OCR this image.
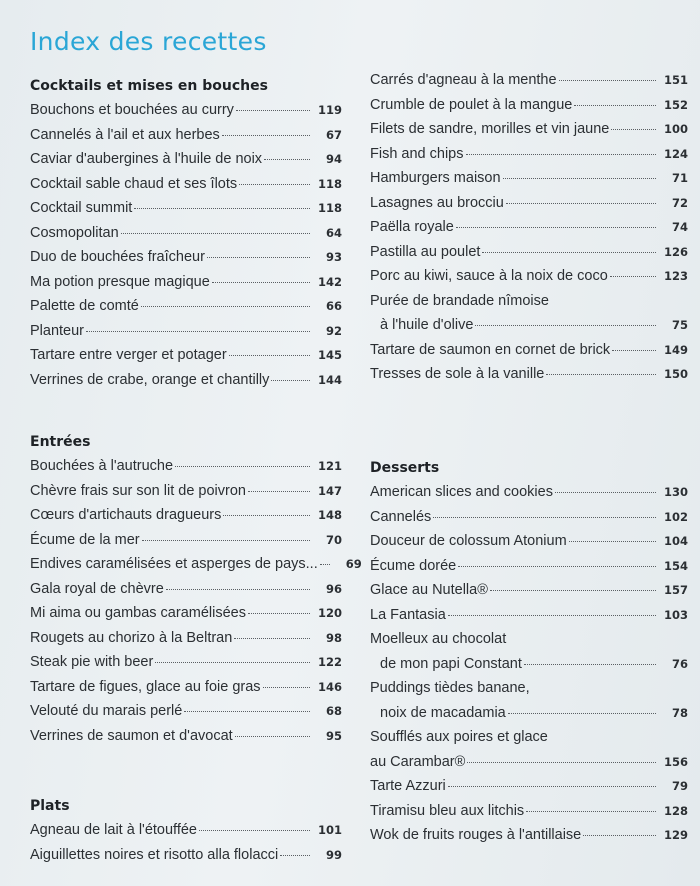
Index des recettes
Cocktails et mises en bouches
Bouchons et bouchées au curry	119
Cannelés à l'ail et aux herbes	67
Caviar d'aubergines à l'huile de noix	94
Cocktail sable chaud et ses îlots	118
Cocktail summit	118
Cosmopolitan	64
Duo de bouchées fraîcheur	93
Ma potion presque magique	142
Palette de comté	66
Planteur	92
Tartare entre verger et potager	145
Verrines de crabe, orange et chantilly	144
Entrées
Bouchées à l'autruche	121
Chèvre frais sur son lit de poivron	147
Cœurs d'artichauts dragueurs	148
Écume de la mer	70
Endives caramélisées et asperges de pays...	69
Gala royal de chèvre	96
Mi aima ou gambas caramélisées	120
Rougets au chorizo à la Beltran	98
Steak pie with beer	122
Tartare de figues, glace au foie gras	146
Velouté du marais perlé	68
Verrines de saumon et d'avocat	95
Plats
Agneau de lait à l'étouffée	101
Aiguillettes noires et risotto alla flolacci	99
Carrés d'agneau à la menthe	151
Crumble de poulet à la mangue	152
Filets de sandre, morilles et vin jaune	100
Fish and chips	124
Hamburgers maison	71
Lasagnes au brocciu	72
Paëlla royale	74
Pastilla au poulet	126
Porc au kiwi, sauce à la noix de coco	123
Purée de brandade nîmoise
à l'huile d'olive	75
Tartare de saumon en cornet de brick	149
Tresses de sole à la vanille	150
Desserts
American slices and cookies	130
Cannelés	102
Douceur de colossum Atonium	104
Écume dorée	154
Glace au Nutella®	157
La Fantasia	103
Moelleux au chocolat
de mon papi Constant	76
Puddings tièdes banane,
noix de macadamia	78
Soufflés aux poires et glace
au Carambar®	156
Tarte Azzuri	79
Tiramisu bleu aux litchis	128
Wok de fruits rouges à l'antillaise	129
